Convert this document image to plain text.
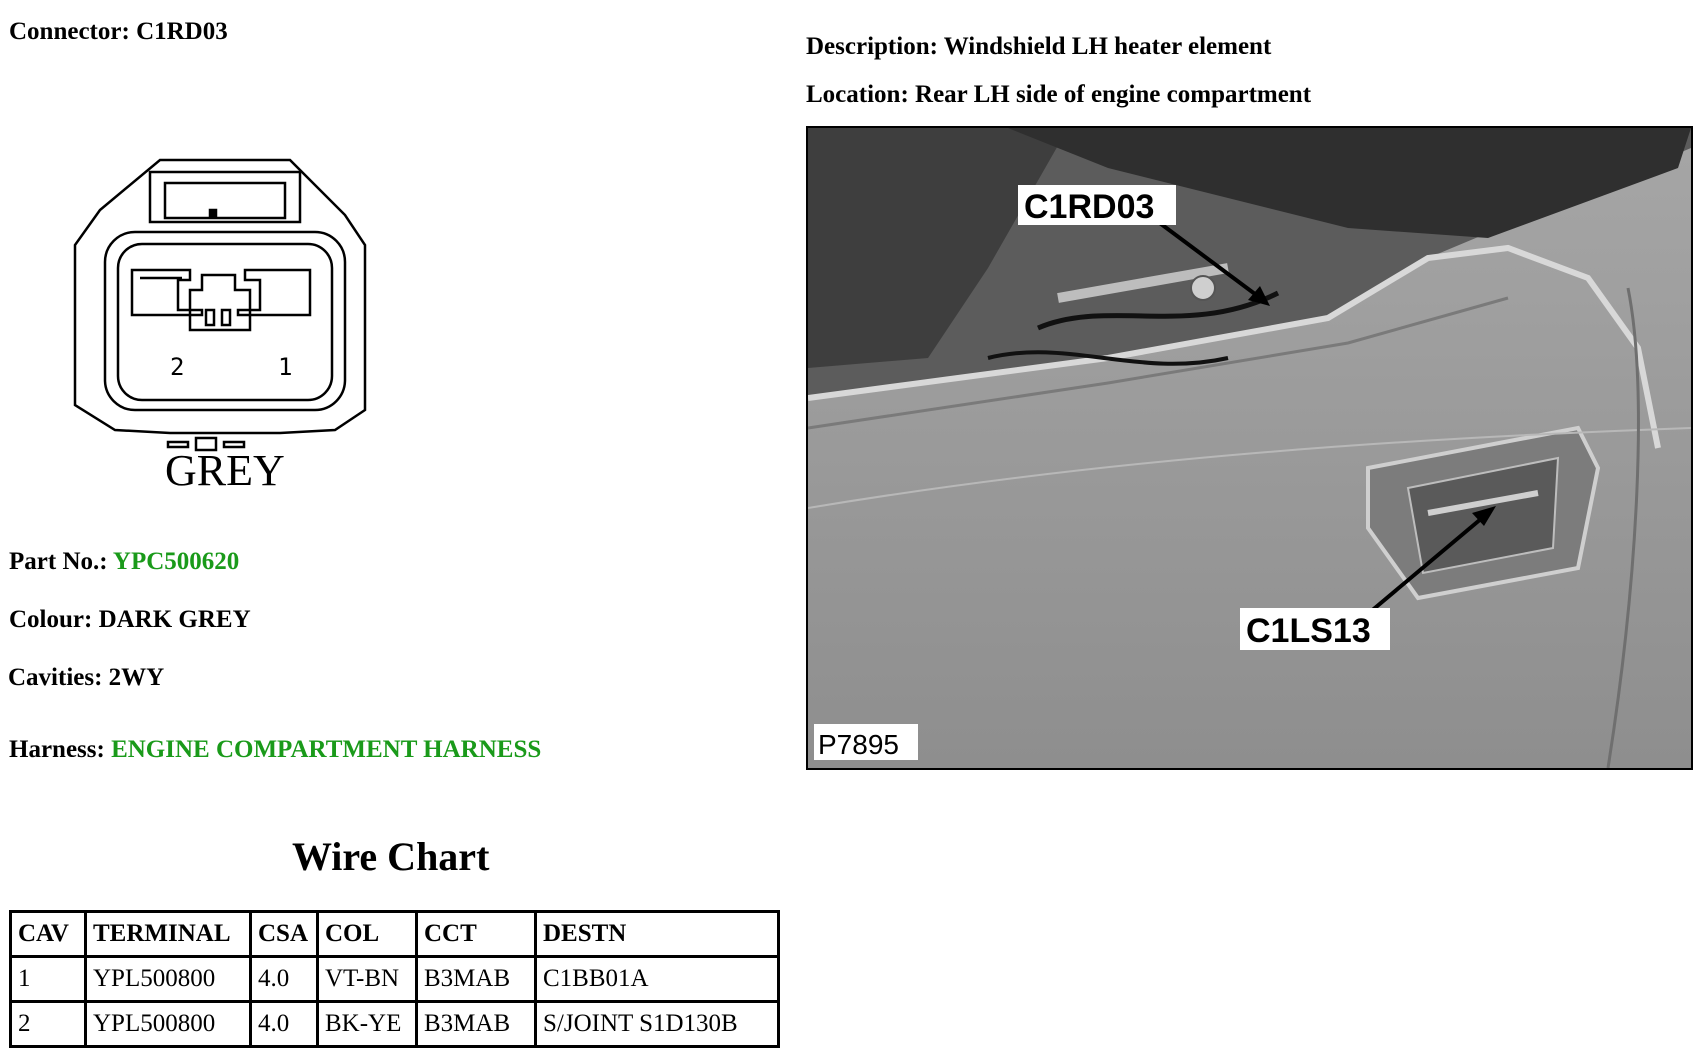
Connector: C1RD03
Description: Windshield LH heater element
Location: Rear LH side of engine compartment
2	1
GREY
C1RD03
C1LS13
P7895
Part No.: YPC500620
Colour: DARK GREY
Cavities: 2WY
Harness: ENGINE COMPARTMENT HARNESS
Wire Chart
CAV	TERMINAL	CSA	COL	CCT	DESTN
1	YPL500800	4.0	VT-BN	B3MAB	C1BB01A
2	YPL500800	4.0	BK-YE	B3MAB	S/JOINT S1D130B
